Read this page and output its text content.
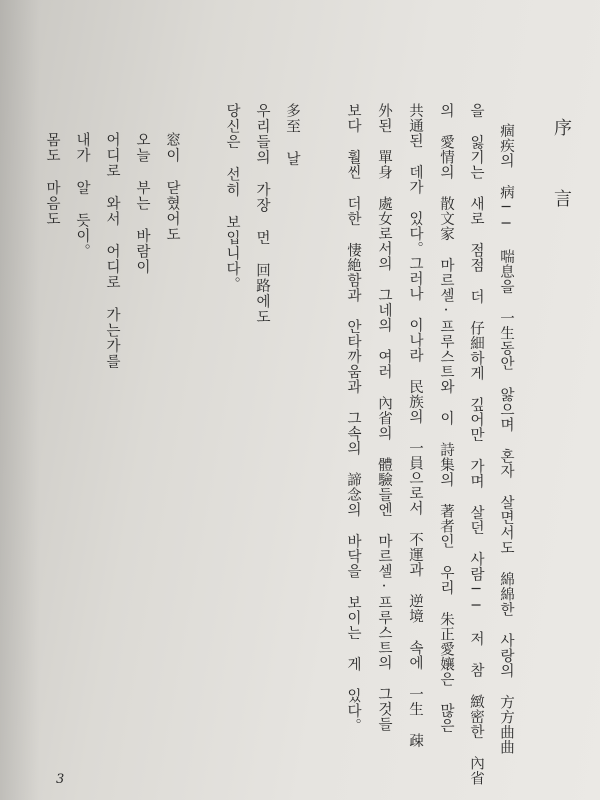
序 言
痼疾의 病── 喘息을 一生동안 앓으며 혼자 살면서도 綿綿한 사랑의 方方曲曲
을 잃기는 새로 점점 더 仔細하게 깊어만 가며 살던 사람── 저 참 緻密한 內省
의 愛情의 散文家 마르셀·프루스트와 이 詩集의 著者인 우리 朱正愛孃은 많은
共通된 데가 있다。그러나 이나라 民族의 一員으로서 不運과 逆境 속에 一生 疎
外된 單身 處女로서의 그네의 여러 內省의 體驗들엔 마르셀·프루스트의 그것들
보다 훨씬 더한 悽絶함과 안타까움과 그속의 諦念의 바닥을 보이는 게 있다。
多至 날
우리들의 가장 먼 回路에도
당신은 선히 보입니다。
窓이 닫혔어도
오늘 부는 바람이
어디로 와서 어디로 가는가를
내가 알 듯이。
몸도 마음도
3
